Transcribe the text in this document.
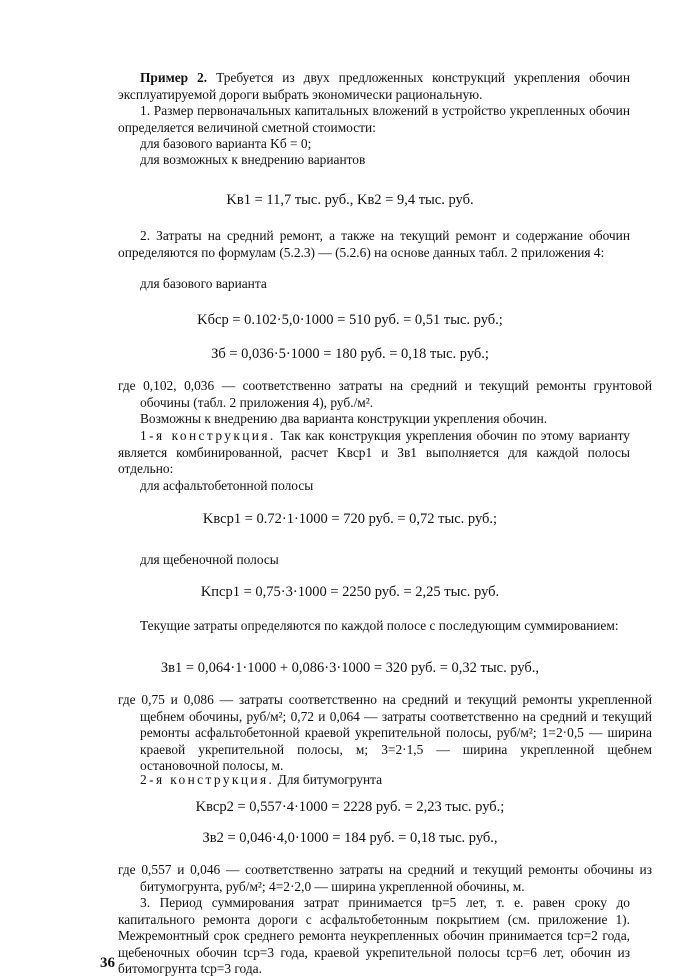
Пример 2. Требуется из двух предложенных конструкций укрепления обочин эксплуатируемой дороги выбрать экономически рациональную.
1. Размер первоначальных капитальных вложений в устройство укрепленных обочин определяется величиной сметной стоимости:
для базового варианта Kб = 0;
для возможных к внедрению вариантов
Kв1 = 11,7 тыс. руб., Kв2 = 9,4 тыс. руб.
2. Затраты на средний ремонт, а также на текущий ремонт и содержание обочин определяются по формулам (5.2.3) — (5.2.6) на основе данных табл. 2 приложения 4:
для базового варианта
Kбср = 0.102·5,0·1000 = 510 руб. = 0,51 тыс. руб.;
Зб = 0,036·5·1000 = 180 руб. = 0,18 тыс. руб.;
где 0,102, 0,036 — соответственно затраты на средний и текущий ремонты грунтовой обочины (табл. 2 приложения 4), руб./м².
Возможны к внедрению два варианта конструкции укрепления обочин.
1-я конструкция. Так как конструкция укрепления обочин по этому варианту является комбинированной, расчет Kвср1 и Зв1 выполняется для каждой полосы отдельно:
для асфальтобетонной полосы
Kвср1 = 0.72·1·1000 = 720 руб. = 0,72 тыс. руб.;
для щебеночной полосы
Kпср1 = 0,75·3·1000 = 2250 руб. = 2,25 тыс. руб.
Текущие затраты определяются по каждой полосе с последующим суммированием:
Зв1 = 0,064·1·1000 + 0,086·3·1000 = 320 руб. = 0,32 тыс. руб.,
где 0,75 и 0,086 — затраты соответственно на средний и текущий ремонты укрепленной щебнем обочины, руб/м²; 0,72 и 0,064 — затраты соответственно на средний и текущий ремонты асфальтобетонной краевой укрепительной полосы, руб/м²; 1=2·0,5 — ширина краевой укрепительной полосы, м; 3=2·1,5 — ширина укрепленной щебнем остановочной полосы, м.
2-я конструкция. Для битумогрунта
Kвср2 = 0,557·4·1000 = 2228 руб. = 2,23 тыс. руб.;
Зв2 = 0,046·4,0·1000 = 184 руб. = 0,18 тыс. руб.,
где 0,557 и 0,046 — соответственно затраты на средний и текущий ремонты обочины из битумогрунта, руб/м²; 4=2·2,0 — ширина укрепленной обочины, м.
3. Период суммирования затрат принимается tр=5 лет, т. е. равен сроку до капитального ремонта дороги с асфальтобетонным покрытием (см. приложение 1). Межремонтный срок среднего ремонта неукрепленных обочин принимается tср=2 года, щебеночных обочин tср=3 года, краевой укрепительной полосы tср=6 лет, обочин из битомогрунта tср=3 года.
36
